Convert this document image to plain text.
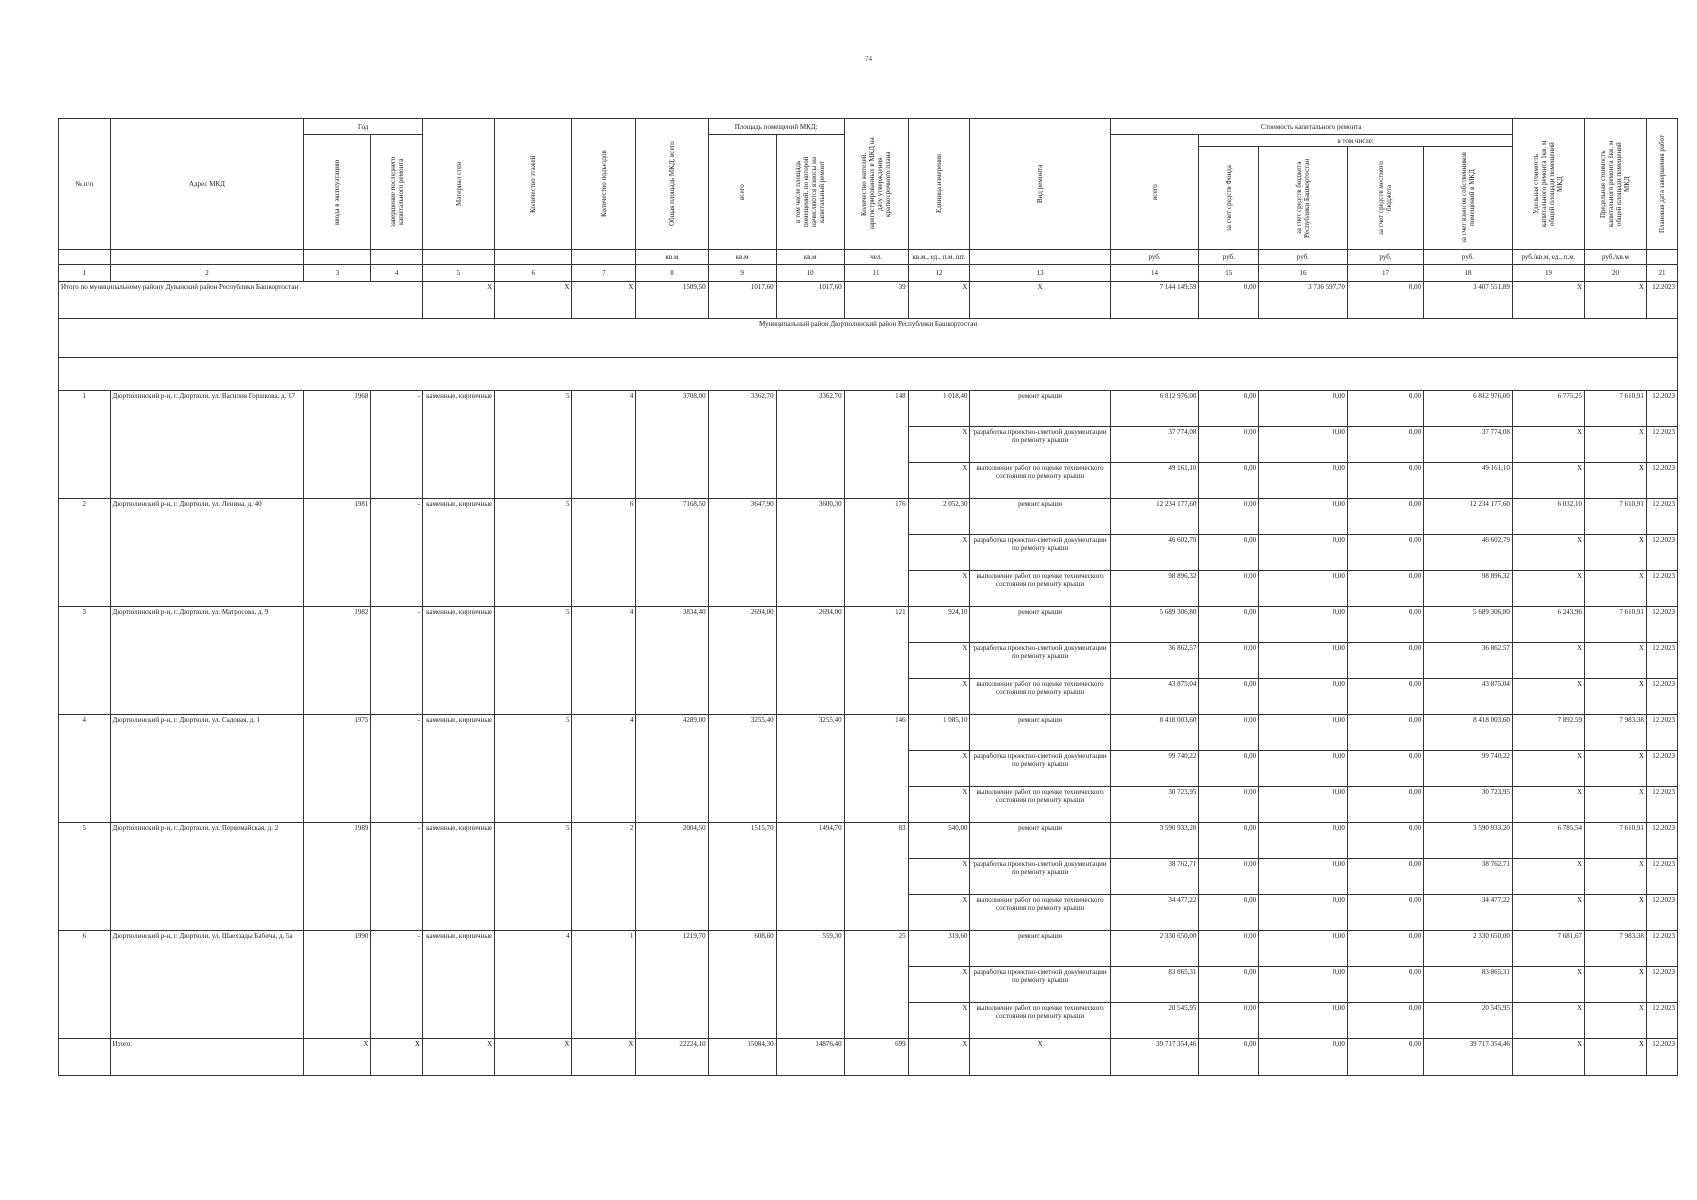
74
№ п/п	Адрес МКД	Год		Материал стен	Количество этажей	Количество подъездов	Общая площадь МКД, всего	Площадь помещений МКД:		Количество жителей, зарегистрированных в МКД на дату утверждения краткосрочного плана	Единица измерения	Вид ремонта	Стоимость капитального ремонта					Удельная стоимость капитального ремонта 1кв. м общей площади помещений МКД	Предельная стоимость капитального ремонта 1кв. м общей площади помещений МКД	Плановая дата завершения работ

		ввода в эксплуатацию	завершение последнего капитального ремонта					всего	в том числе площадь помещений, по которой начисляются взносы на капитальный ремонт				всего	в том числе:						

														за счет средств Фонда	за счет средств бюджета Республики Башкортостан	за счет средств местного бюджета	за счет взносов собственников помещений в МКД			

							кв.м	кв.м	кв.м	чел.	кв.м., ед., п.м. шт.		руб.	руб.	руб.	руб.	руб.	руб./кв.м, ед., п.м.	руб./кв.м	
1	2	3	4	5	6	7	8	9	10	11	12	13	14	15	16	17	18	19	20	21
Итого по муниципальному району Дуванский район Республики Башкортостан				X	X	X	1509,50	1017,60	1017,60	39	X	X	7 144 149,59	0,00	3 736 597,70	0,00	3 407 551,89	X	X	12.2023
Муниципальный район Дюртюлинский район Республики Башкортостан																				

1	Дюртюлинский р-н, г. Дюртюли, ул. Василия Горшкова, д. 17	1968	-	каменные, кирпичные	5	4	3708,00	3362,70	3362,70	148	1 018,40	ремонт крыши	6 812 976,00	0,00	0,00	0,00	6 812 976,00	6 775,25	7 610,91	12.2023
											X	разработка проектно-сметной документации по ремонту крыши	37 774,08	0,00	0,00	0,00	37 774,08	X	X	12.2023
											X	выполнение работ по оценке технического состояния по ремонту крыши	49 161,10	0,00	0,00	0,00	49 161,10	X	X	12.2023
2	Дюртюлинский р-н, г. Дюртюли, ул. Ленина, д. 40	1981	-	каменные, кирпичные	5	6	7168,50	3647,90	3600,30	176	2 052,30	ремонт крыши	12 234 177,60	0,00	0,00	0,00	12 234 177,60	6 032,10	7 610,91	12.2023
											X	разработка проектно-сметной документации по ремонту крыши	46 602,79	0,00	0,00	0,00	46 602,79	X	X	12.2023
											X	выполнение работ по оценке технического состояния по ремонту крыши	98 896,32	0,00	0,00	0,00	98 896,32	X	X	12.2023
3	Дюртюлинский р-н, г. Дюртюли, ул. Матросова, д. 9	1982	-	каменные, кирпичные	5	4	3834,40	2694,00	2694,00	121	924,10	ремонт крыши	5 689 306,80	0,00	0,00	0,00	5 689 306,80	6 243,96	7 610,91	12.2023
											X	разработка проектно-сметной документации по ремонту крыши	36 862,57	0,00	0,00	0,00	36 862,57	X	X	12.2023
											X	выполнение работ по оценке технического состояния по ремонту крыши	43 875,04	0,00	0,00	0,00	43 875,04	X	X	12.2023
4	Дюртюлинский р-н, г. Дюртюли, ул. Садовая, д. 1	1975	-	каменные, кирпичные	5	4	4289,00	3255,40	3255,40	146	1 085,10	ремонт крыши	8 418 003,60	0,00	0,00	0,00	8 418 003,60	7 892,59	7 983,38	12.2023
											X	разработка проектно-сметной документации по ремонту крыши	99 740,22	0,00	0,00	0,00	99 740,22	X	X	12.2023
											X	выполнение работ по оценке технического состояния по ремонту крыши	30 723,95	0,00	0,00	0,00	30 723,95	X	X	12.2023
5	Дюртюлинский р-н, г. Дюртюли, ул. Первомайская, д. 2	1989	-	каменные, кирпичные	5	2	2004,50	1515,70	1494,70	83	540,00	ремонт крыши	3 590 933,20	0,00	0,00	0,00	3 590 933,20	6 785,54	7 610,91	12.2023
											X	разработка проектно-сметной документации по ремонту крыши	38 762,71	0,00	0,00	0,00	38 762,71	X	X	12.2023
											X	выполнение работ по оценке технического состояния по ремонту крыши	34 477,22	0,00	0,00	0,00	34 477,22	X	X	12.2023
6	Дюртюлинский р-н, г. Дюртюли, ул. Шаехзады Бабича, д. 5а	1990	-	каменные, кирпичные	4	1	1219,70	608,60	559,30	25	319,60	ремонт крыши	2 330 650,00	0,00	0,00	0,00	2 330 650,00	7 681,67	7 983,38	12.2023
											X	разработка проектно-сметной документации по ремонту крыши	83 865,31	0,00	0,00	0,00	83 865,31	X	X	12.2023
											X	выполнение работ по оценке технического состояния по ремонту крыши	20 545,95	0,00	0,00	0,00	20 545,95	X	X	12.2023
	Итого:	X	X	X	X	X	22224,10	15084,30	14876,40	699	X	X	39 717 354,46	0,00	0,00	0,00	39 717 354,46	X	X	12.2023
